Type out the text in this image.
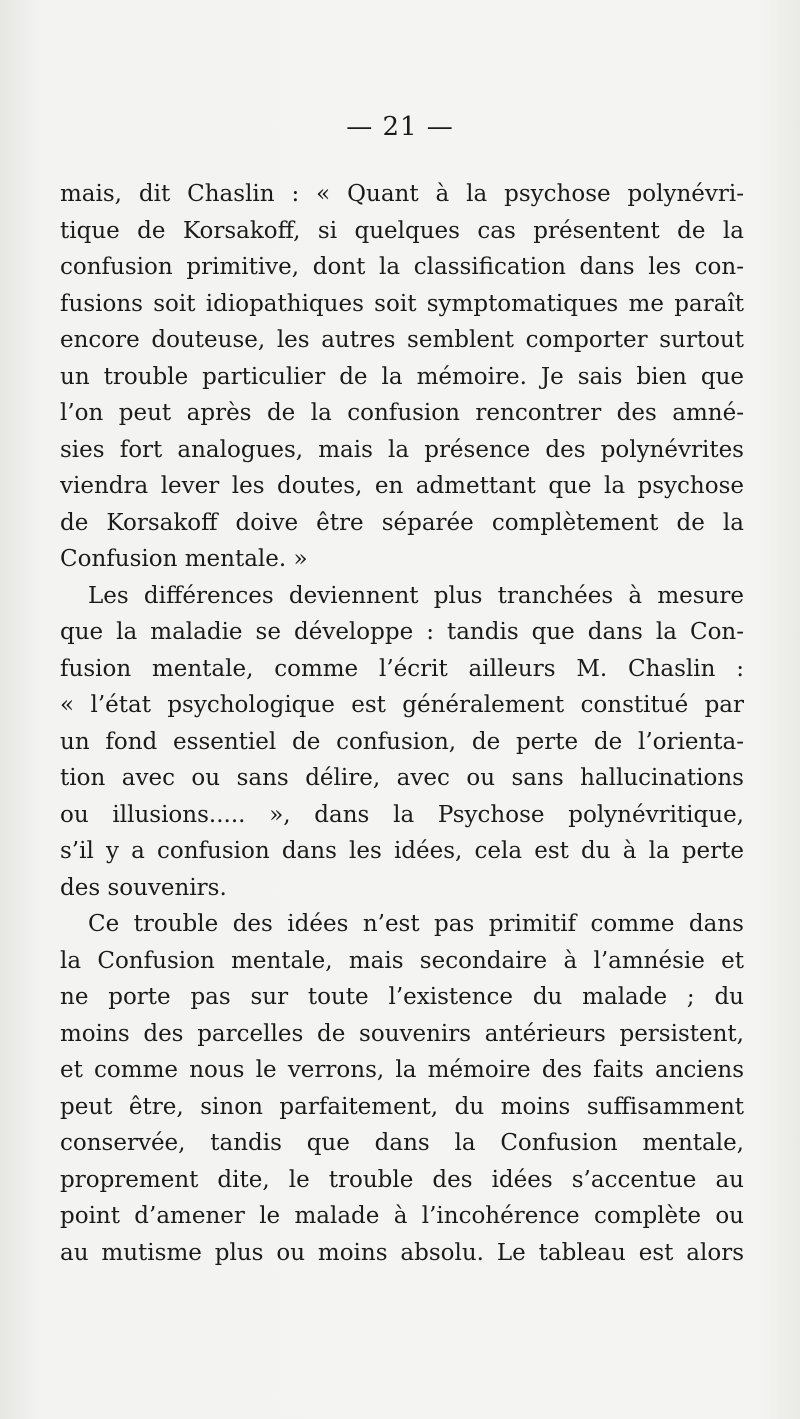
— 21 —
mais, dit Chaslin : « Quant à la psychose polynévri-
tique de Korsakoff, si quelques cas présentent de la
confusion primitive, dont la classification dans les con-
fusions soit idiopathiques soit symptomatiques me paraît
encore douteuse, les autres semblent comporter surtout
un trouble particulier de la mémoire. Je sais bien que
l’on peut après de la confusion rencontrer des amné-
sies fort analogues, mais la présence des polynévrites
viendra lever les doutes, en admettant que la psychose
de Korsakoff doive être séparée complètement de la
Confusion mentale. »
Les différences deviennent plus tranchées à mesure
que la maladie se développe : tandis que dans la Con-
fusion mentale, comme l’écrit ailleurs M. Chaslin :
« l’état psychologique est généralement constitué par
un fond essentiel de confusion, de perte de l’orienta-
tion avec ou sans délire, avec ou sans hallucinations
ou illusions..... », dans la Psychose polynévritique,
s’il y a confusion dans les idées, cela est du à la perte
des souvenirs.
Ce trouble des idées n’est pas primitif comme dans
la Confusion mentale, mais secondaire à l’amnésie et
ne porte pas sur toute l’existence du malade ; du
moins des parcelles de souvenirs antérieurs persistent,
et comme nous le verrons, la mémoire des faits anciens
peut être, sinon parfaitement, du moins suffisamment
conservée, tandis que dans la Confusion mentale,
proprement dite, le trouble des idées s’accentue au
point d’amener le malade à l’incohérence complète ou
au mutisme plus ou moins absolu. Le tableau est alors
